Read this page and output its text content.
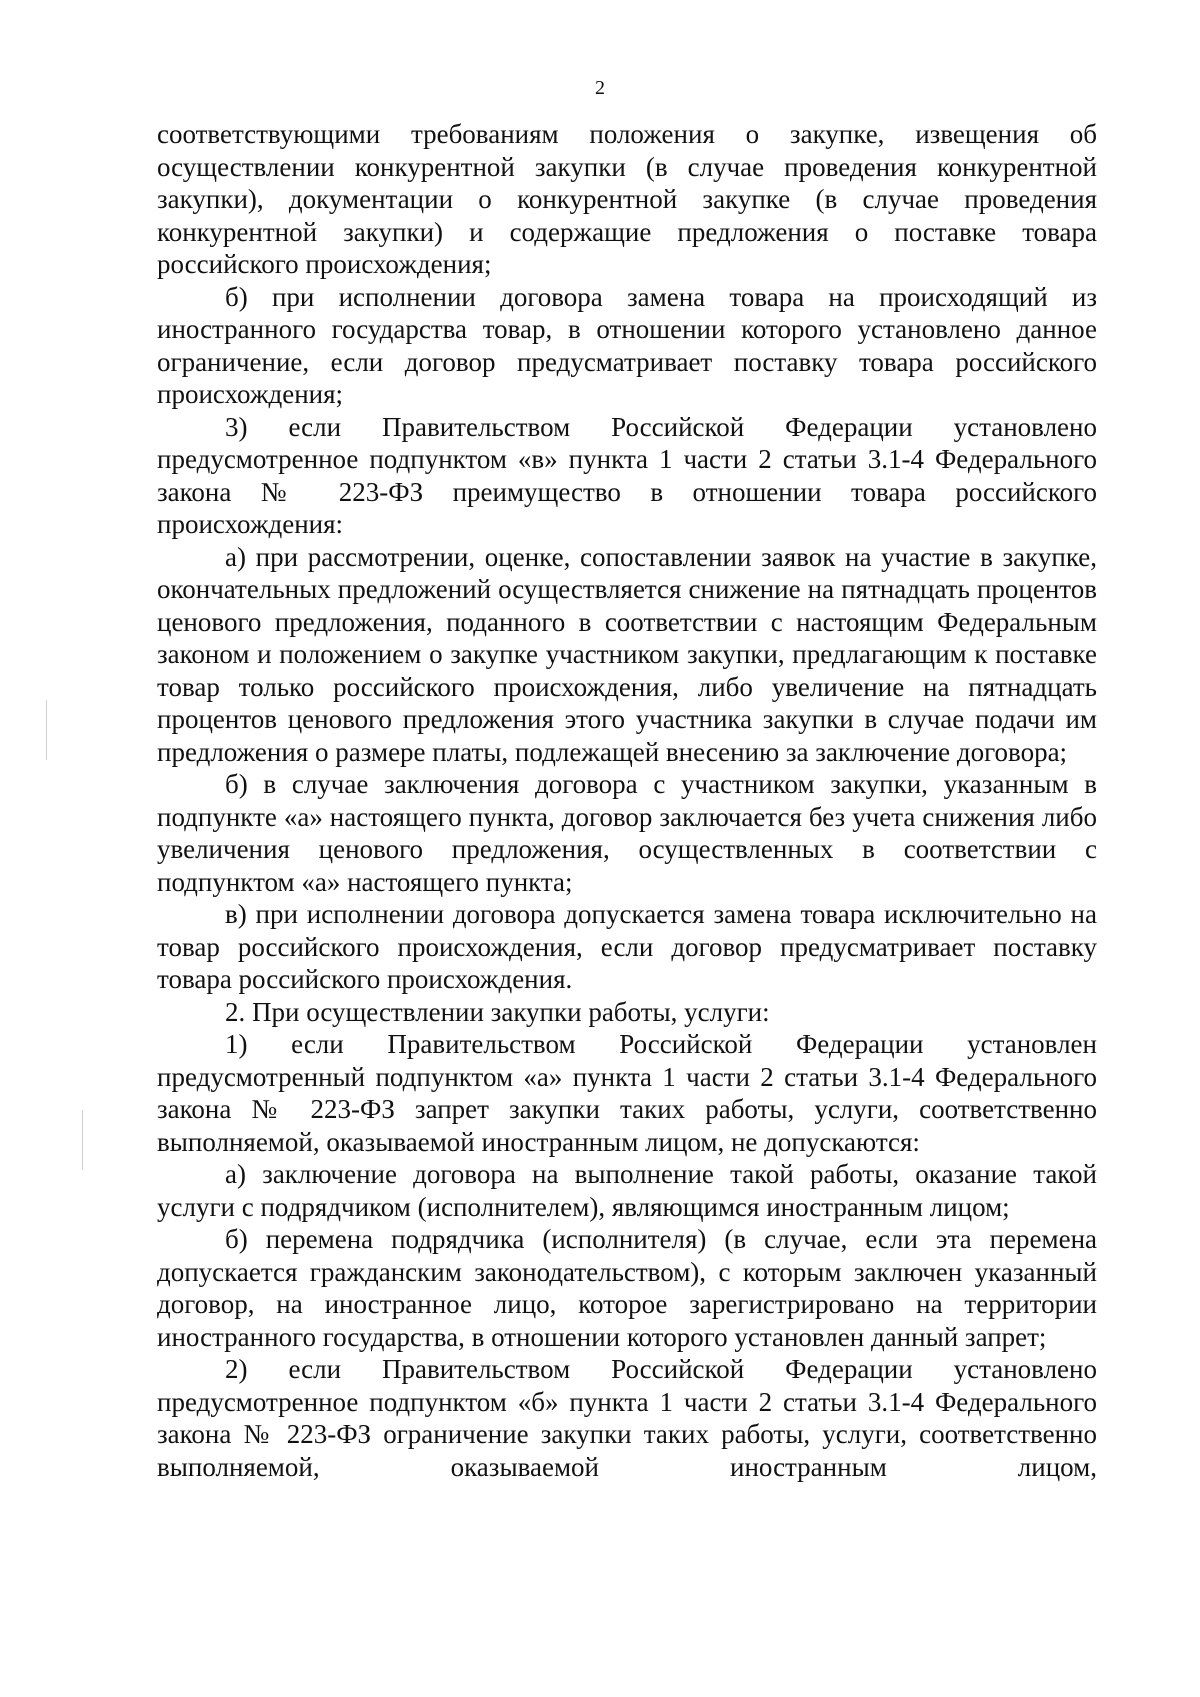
2

соответствующими требованиям положения о закупке, извещения об осуществлении конкурентной закупки (в случае проведения конкурентной закупки), документации о конкурентной закупке (в случае проведения конкурентной закупки) и содержащие предложения о поставке товара российского происхождения;

б) при исполнении договора замена товара на происходящий из иностранного государства товар, в отношении которого установлено данное ограничение, если договор предусматривает поставку товара российского происхождения;

3) если Правительством Российской Федерации установлено предусмотренное подпунктом «в» пункта 1 части 2 статьи 3.1-4 Федерального закона № 223-ФЗ преимущество в отношении товара российского происхождения:

а) при рассмотрении, оценке, сопоставлении заявок на участие в закупке, окончательных предложений осуществляется снижение на пятнадцать процентов ценового предложения, поданного в соответствии с настоящим Федеральным законом и положением о закупке участником закупки, предлагающим к поставке товар только российского происхождения, либо увеличение на пятнадцать процентов ценового предложения этого участника закупки в случае подачи им предложения о размере платы, подлежащей внесению за заключение договора;

б) в случае заключения договора с участником закупки, указанным в подпункте «а» настоящего пункта, договор заключается без учета снижения либо увеличения ценового предложения, осуществленных в соответствии с подпунктом «а» настоящего пункта;

в) при исполнении договора допускается замена товара исключительно на товар российского происхождения, если договор предусматривает поставку товара российского происхождения.

2. При осуществлении закупки работы, услуги:

1) если Правительством Российской Федерации установлен предусмотренный подпунктом «а» пункта 1 части 2 статьи 3.1-4 Федерального закона № 223-ФЗ запрет закупки таких работы, услуги, соответственно выполняемой, оказываемой иностранным лицом, не допускаются:

а) заключение договора на выполнение такой работы, оказание такой услуги с подрядчиком (исполнителем), являющимся иностранным лицом;

б) перемена подрядчика (исполнителя) (в случае, если эта перемена допускается гражданским законодательством), с которым заключен указанный договор, на иностранное лицо, которое зарегистрировано на территории иностранного государства, в отношении которого установлен данный запрет;

2) если Правительством Российской Федерации установлено предусмотренное подпунктом «б» пункта 1 части 2 статьи 3.1-4 Федерального закона № 223-ФЗ ограничение закупки таких работы, услуги, соответственно выполняемой, оказываемой иностранным лицом,
